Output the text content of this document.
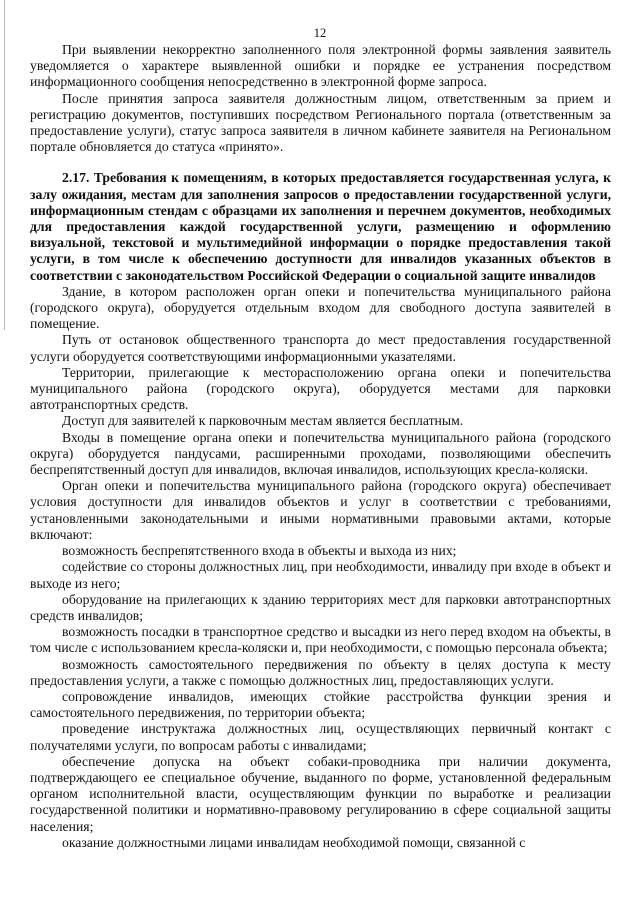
12

При выявлении некорректно заполненного поля электронной формы заявления заявитель уведомляется о характере выявленной ошибки и порядке ее устранения посредством информационного сообщения непосредственно в электронной форме запроса.

После принятия запроса заявителя должностным лицом, ответственным за прием и регистрацию документов, поступивших посредством Регионального портала (ответственным за предоставление услуги), статус запроса заявителя в личном кабинете заявителя на Региональном портале обновляется до статуса «принято».

2.17. Требования к помещениям, в которых предоставляется государственная услуга, к залу ожидания, местам для заполнения запросов о предоставлении государственной услуги, информационным стендам с образцами их заполнения и перечнем документов, необходимых для предоставления каждой государственной услуги, размещению и оформлению визуальной, текстовой и мультимедийной информации о порядке предоставления такой услуги, в том числе к обеспечению доступности для инвалидов указанных объектов в соответствии с законодательством Российской Федерации о социальной защите инвалидов

Здание, в котором расположен орган опеки и попечительства муниципального района (городского округа), оборудуется отдельным входом для свободного доступа заявителей в помещение.

Путь от остановок общественного транспорта до мест предоставления государственной услуги оборудуется соответствующими информационными указателями.

Территории, прилегающие к месторасположению органа опеки и попечительства муниципального района (городского округа), оборудуется местами для парковки автотранспортных средств.

Доступ для заявителей к парковочным местам является бесплатным.

Входы в помещение органа опеки и попечительства муниципального района (городского округа) оборудуется пандусами, расширенными проходами, позволяющими обеспечить беспрепятственный доступ для инвалидов, включая инвалидов, использующих кресла-коляски.

Орган опеки и попечительства муниципального района (городского округа) обеспечивает условия доступности для инвалидов объектов и услуг в соответствии с требованиями, установленными законодательными и иными нормативными правовыми актами, которые включают:

возможность беспрепятственного входа в объекты и выхода из них;

содействие со стороны должностных лиц, при необходимости, инвалиду при входе в объект и выходе из него;

оборудование на прилегающих к зданию территориях мест для парковки автотранспортных средств инвалидов;

возможность посадки в транспортное средство и высадки из него перед входом на объекты, в том числе с использованием кресла-коляски и, при необходимости, с помощью персонала объекта;

возможность самостоятельного передвижения по объекту в целях доступа к месту предоставления услуги, а также с помощью должностных лиц, предоставляющих услуги.

сопровождение инвалидов, имеющих стойкие расстройства функции зрения и самостоятельного передвижения, по территории объекта;

проведение инструктажа должностных лиц, осуществляющих первичный контакт с получателями услуги, по вопросам работы с инвалидами;

обеспечение допуска на объект собаки-проводника при наличии документа, подтверждающего ее специальное обучение, выданного по форме, установленной федеральным органом исполнительной власти, осуществляющим функции по выработке и реализации государственной политики и нормативно-правовому регулированию в сфере социальной защиты населения;

оказание должностными лицами инвалидам необходимой помощи, связанной с
